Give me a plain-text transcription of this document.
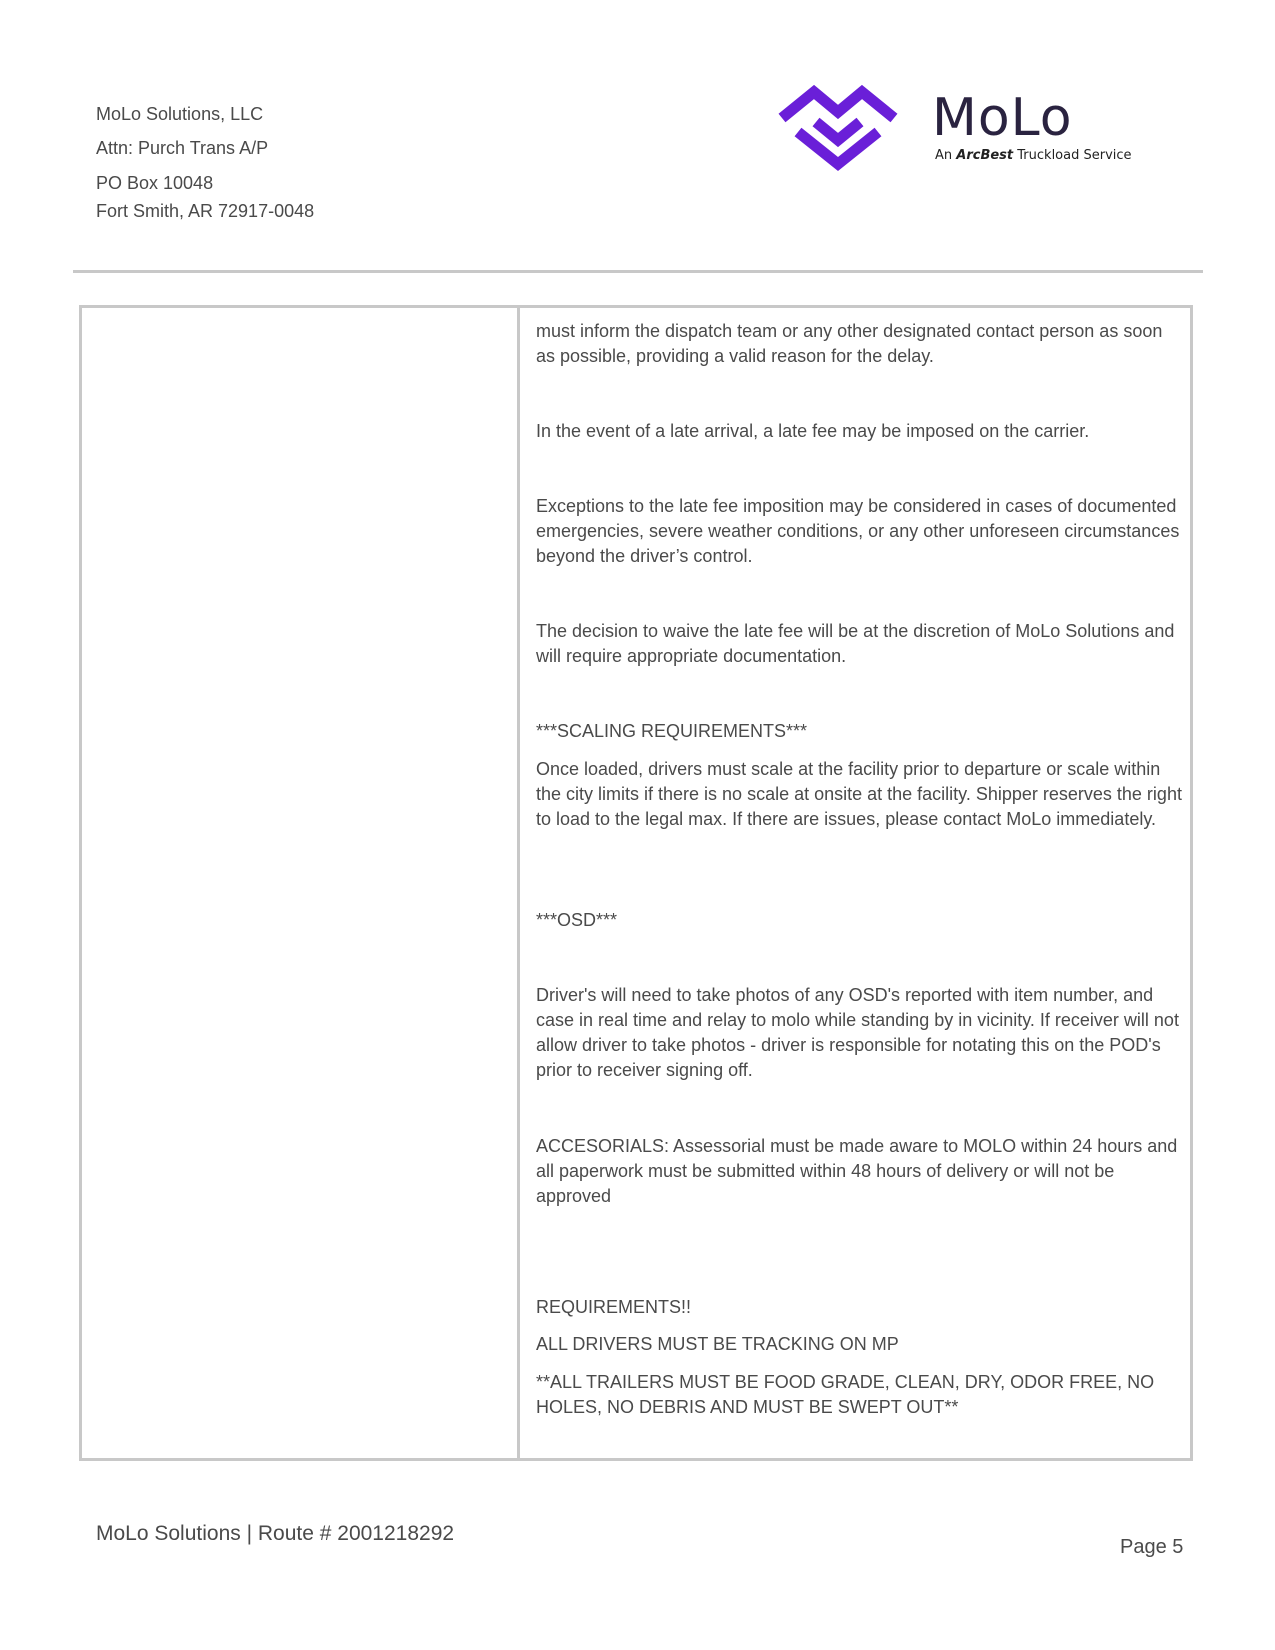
MoLo Solutions, LLC
Attn: Purch Trans A/P
PO Box 10048
Fort Smith, AR 72917-0048
MoLo
An ArcBest Truckload Service

must inform the dispatch team or any other designated contact person as soon as possible, providing a valid reason for the delay.

In the event of a late arrival, a late fee may be imposed on the carrier.

Exceptions to the late fee imposition may be considered in cases of documented emergencies, severe weather conditions, or any other unforeseen circumstances beyond the driver’s control.

The decision to waive the late fee will be at the discretion of MoLo Solutions and will require appropriate documentation.

***SCALING REQUIREMENTS***

Once loaded, drivers must scale at the facility prior to departure or scale within the city limits if there is no scale at onsite at the facility. Shipper reserves the right to load to the legal max. If there are issues, please contact MoLo immediately.

***OSD***

Driver's will need to take photos of any OSD's reported with item number, and case in real time and relay to molo while standing by in vicinity. If receiver will not allow driver to take photos - driver is responsible for notating this on the POD's prior to receiver signing off.

ACCESORIALS: Assessorial must be made aware to MOLO within 24 hours and all paperwork must be submitted within 48 hours of delivery or will not be approved

REQUIREMENTS!!

ALL DRIVERS MUST BE TRACKING ON MP

**ALL TRAILERS MUST BE FOOD GRADE, CLEAN, DRY, ODOR FREE, NO HOLES, NO DEBRIS AND MUST BE SWEPT OUT**

MoLo Solutions | Route # 2001218292
Page 5
